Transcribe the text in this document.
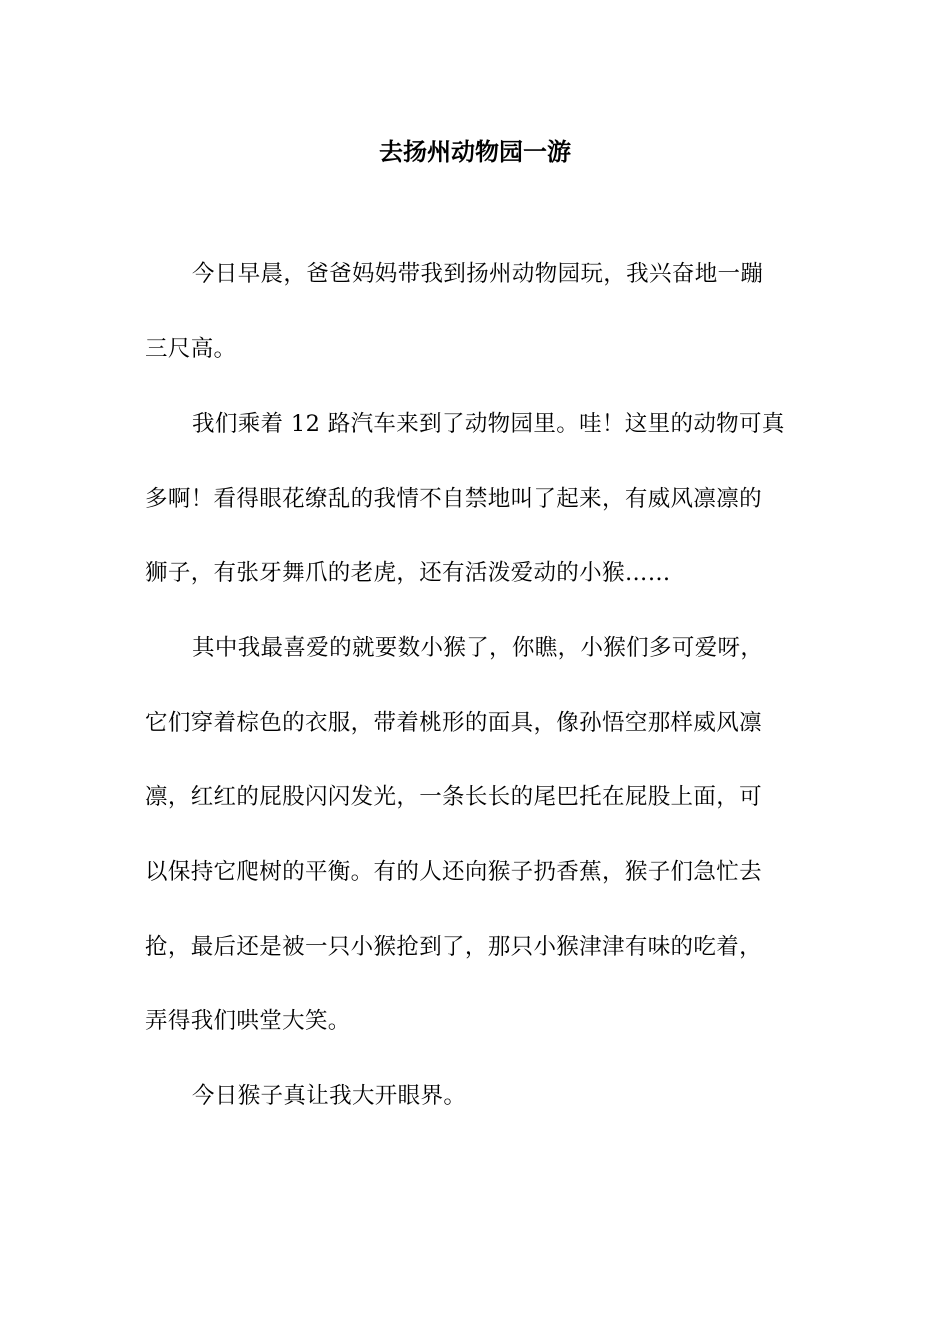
去扬州动物园一游
今日早晨，爸爸妈妈带我到扬州动物园玩，我兴奋地一蹦
三尺高。
我们乘着 12 路汽车来到了动物园里。哇！这里的动物可真
多啊！看得眼花缭乱的我情不自禁地叫了起来，有威风凛凛的
狮子，有张牙舞爪的老虎，还有活泼爱动的小猴……
其中我最喜爱的就要数小猴了，你瞧，小猴们多可爱呀，
它们穿着棕色的衣服，带着桃形的面具，像孙悟空那样威风凛
凛，红红的屁股闪闪发光，一条长长的尾巴托在屁股上面，可
以保持它爬树的平衡。有的人还向猴子扔香蕉，猴子们急忙去
抢，最后还是被一只小猴抢到了，那只小猴津津有味的吃着，
弄得我们哄堂大笑。
今日猴子真让我大开眼界。
